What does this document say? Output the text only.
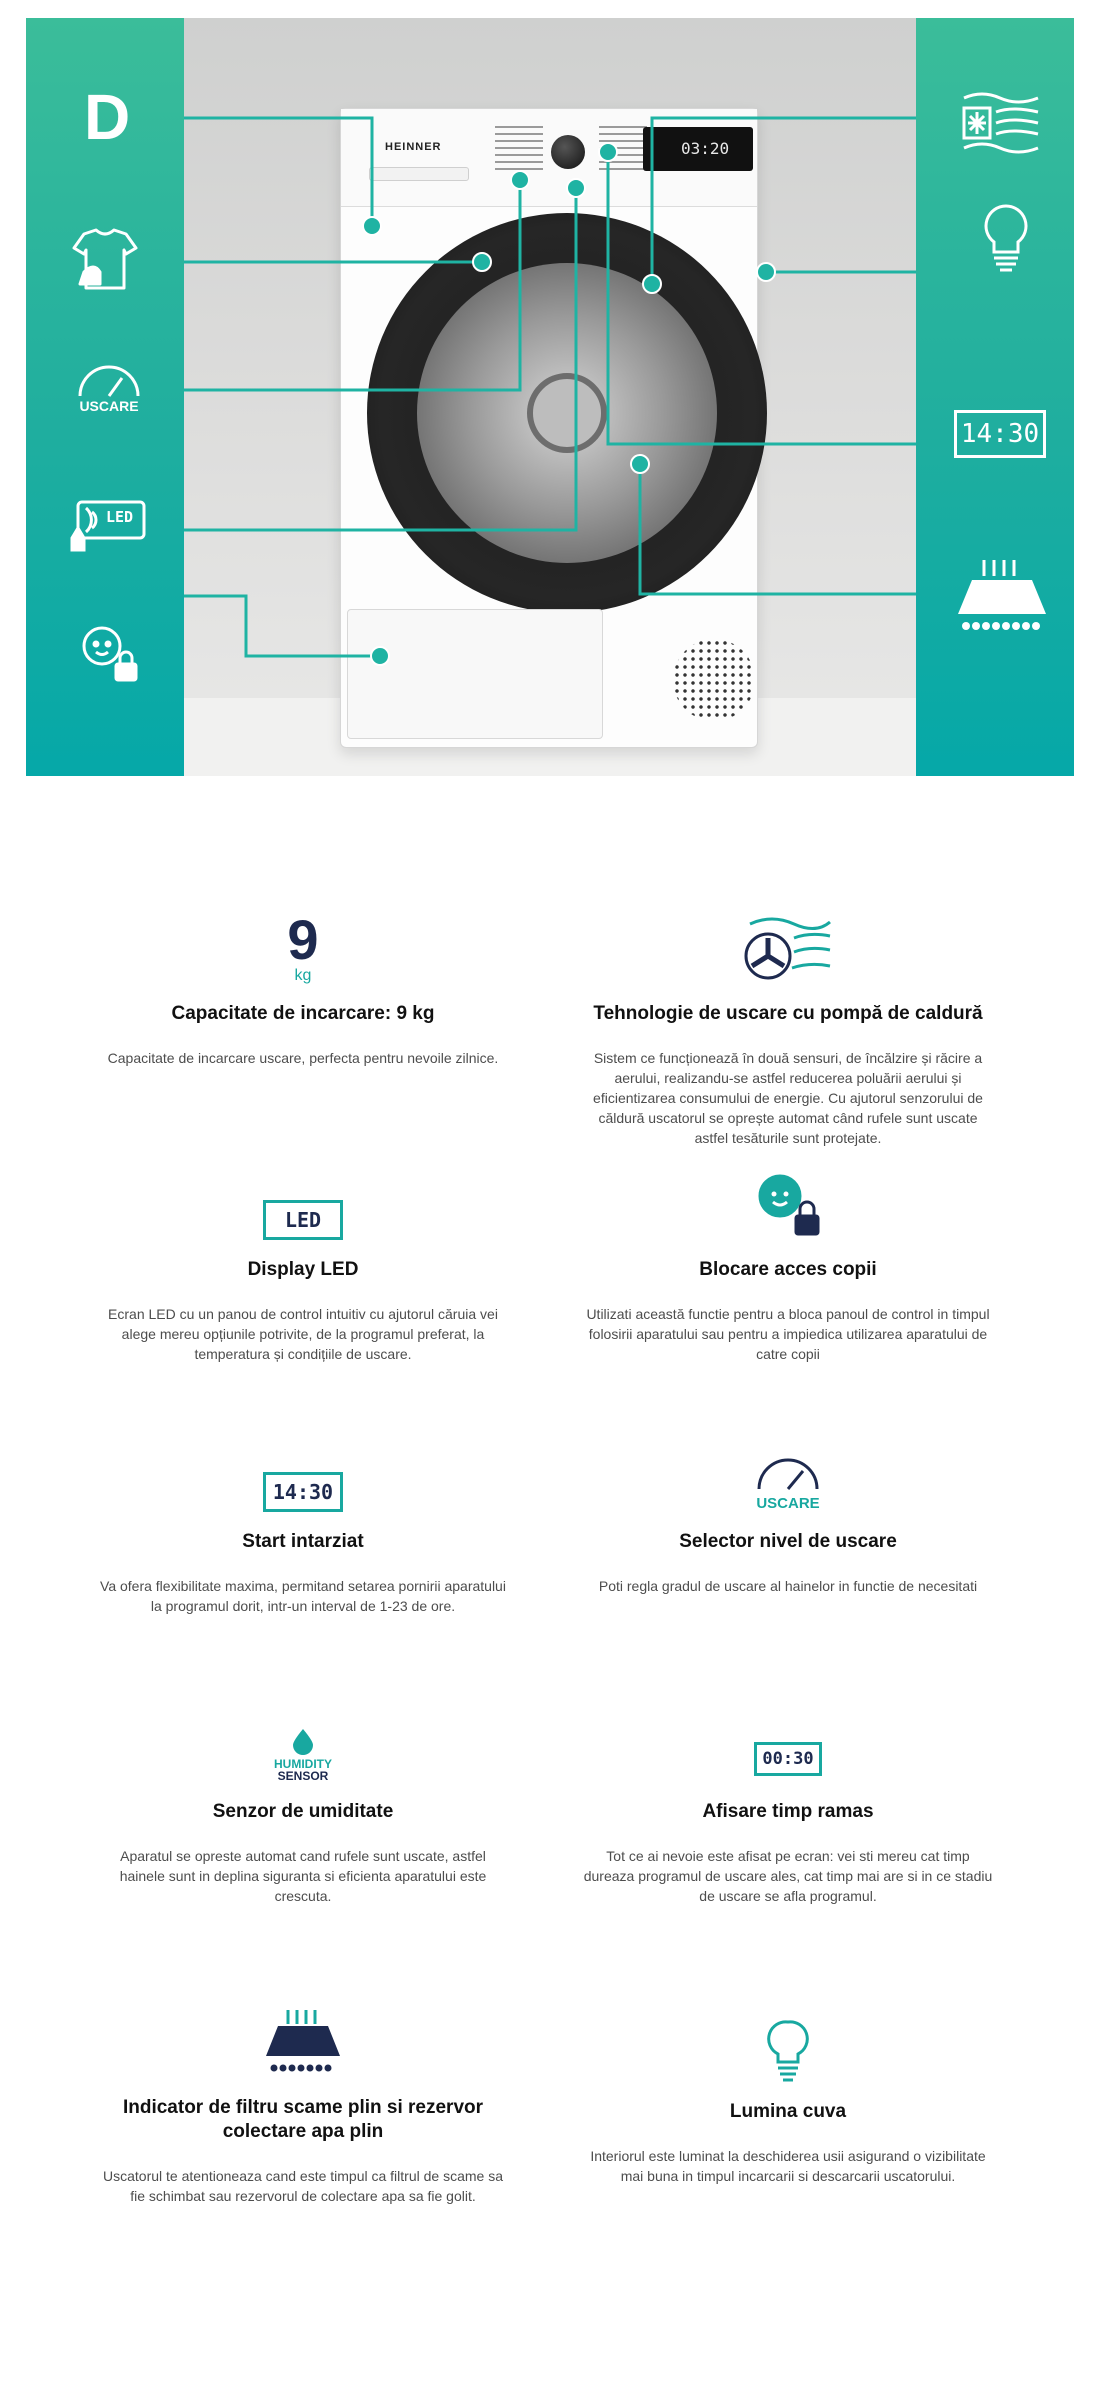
HEINNER	03:20
D
USCARE
LED
14:30
9
kg
Capacitate de incarcare: 9 kg
Capacitate de incarcare uscare, perfecta pentru nevoile zilnice.
Tehnologie de uscare cu pompă de caldură
Sistem ce funcționează în două sensuri, de încălzire și răcire a aerului, realizandu-se astfel reducerea poluării aerului și eficientizarea consumului de energie. Cu ajutorul senzorului de căldură uscatorul se oprește automat când rufele sunt uscate astfel tesăturile sunt protejate.
LED
Display LED
Ecran LED cu un panou de control intuitiv cu ajutorul căruia vei alege mereu opțiunile potrivite, de la programul preferat, la temperatura și condițiile de uscare.
Blocare acces copii
Utilizati această functie pentru a bloca panoul de control in timpul folosirii aparatului sau pentru a impiedica utilizarea aparatului de catre copii
14:30
Start intarziat
Va ofera flexibilitate maxima, permitand setarea pornirii aparatului la programul dorit, intr-un interval de 1-23 de ore.
USCARE
Selector nivel de uscare
Poti regla gradul de uscare al hainelor in functie de necesitati
HUMIDITY
SENSOR
Senzor de umiditate
Aparatul se opreste automat cand rufele sunt uscate, astfel hainele sunt in deplina siguranta si eficienta aparatului este crescuta.
00:30
Afisare timp ramas
Tot ce ai nevoie este afisat pe ecran: vei sti mereu cat timp dureaza programul de uscare ales, cat timp mai are si in ce stadiu de uscare se afla programul.
Indicator de filtru scame plin si rezervor colectare apa plin
Uscatorul te atentioneaza cand este timpul ca filtrul de scame sa fie schimbat sau rezervorul de colectare apa sa fie golit.
Lumina cuva
Interiorul este luminat la deschiderea usii asigurand o vizibilitate mai buna in timpul incarcarii si descarcarii uscatorului.
